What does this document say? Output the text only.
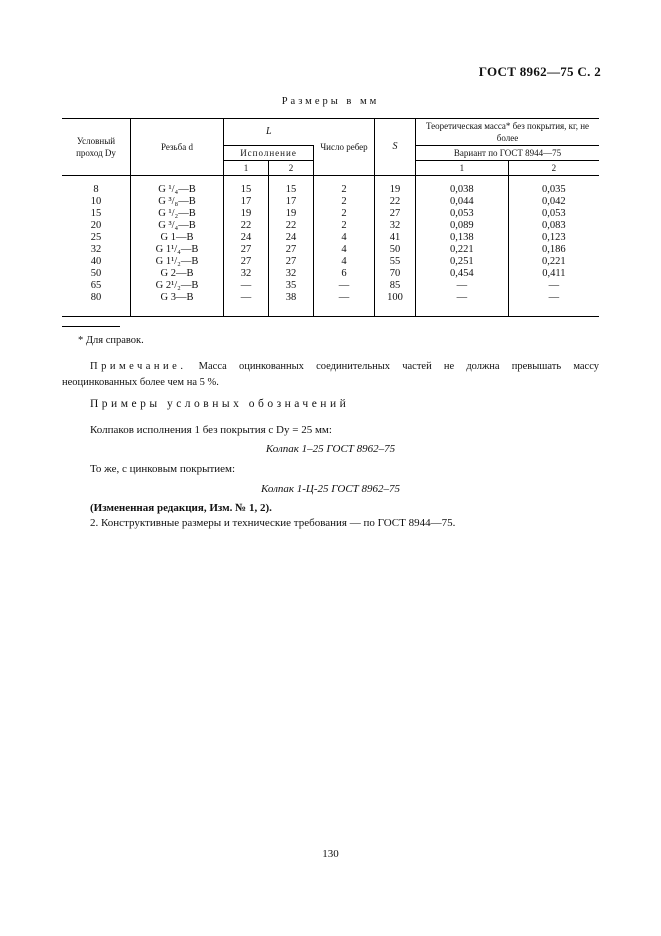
ГОСТ 8962—75 С. 2
Размеры в мм
Условный проход Dу	Резьба d	L		Число ребер	S	Теоретическая масса* без покрытия, кг, не более	
		Исполнение				Вариант по ГОСТ 8944—75	
		1	2			1	2
8	G ¹/₄—B	15	15	2	19	0,038	0,035
10	G ³/₈—B	17	17	2	22	0,044	0,042
15	G ¹/₂—B	19	19	2	27	0,053	0,053
20	G ³/₄—B	22	22	2	32	0,089	0,083
25	G 1—B	24	24	4	41	0,138	0,123
32	G 1¹/₄—B	27	27	4	50	0,221	0,186
40	G 1¹/₂—B	27	27	4	55	0,251	0,221
50	G 2—B	32	32	6	70	0,454	0,411
65	G 2¹/₂—B	—	35	—	85	—	—
80	G 3—B	—	38	—	100	—	—
* Для справок.
Примечание. Масса оцинкованных соединительных частей не должна превышать массу неоцинкованных более чем на 5 %.
Примеры условных обозначений
Колпаков исполнения 1 без покрытия с Dу = 25 мм:
Колпак 1–25 ГОСТ 8962–75
То же, с цинковым покрытием:
Колпак 1-Ц-25 ГОСТ 8962–75
(Измененная редакция, Изм. № 1, 2).
2. Конструктивные размеры и технические требования — по ГОСТ 8944—75.
130
